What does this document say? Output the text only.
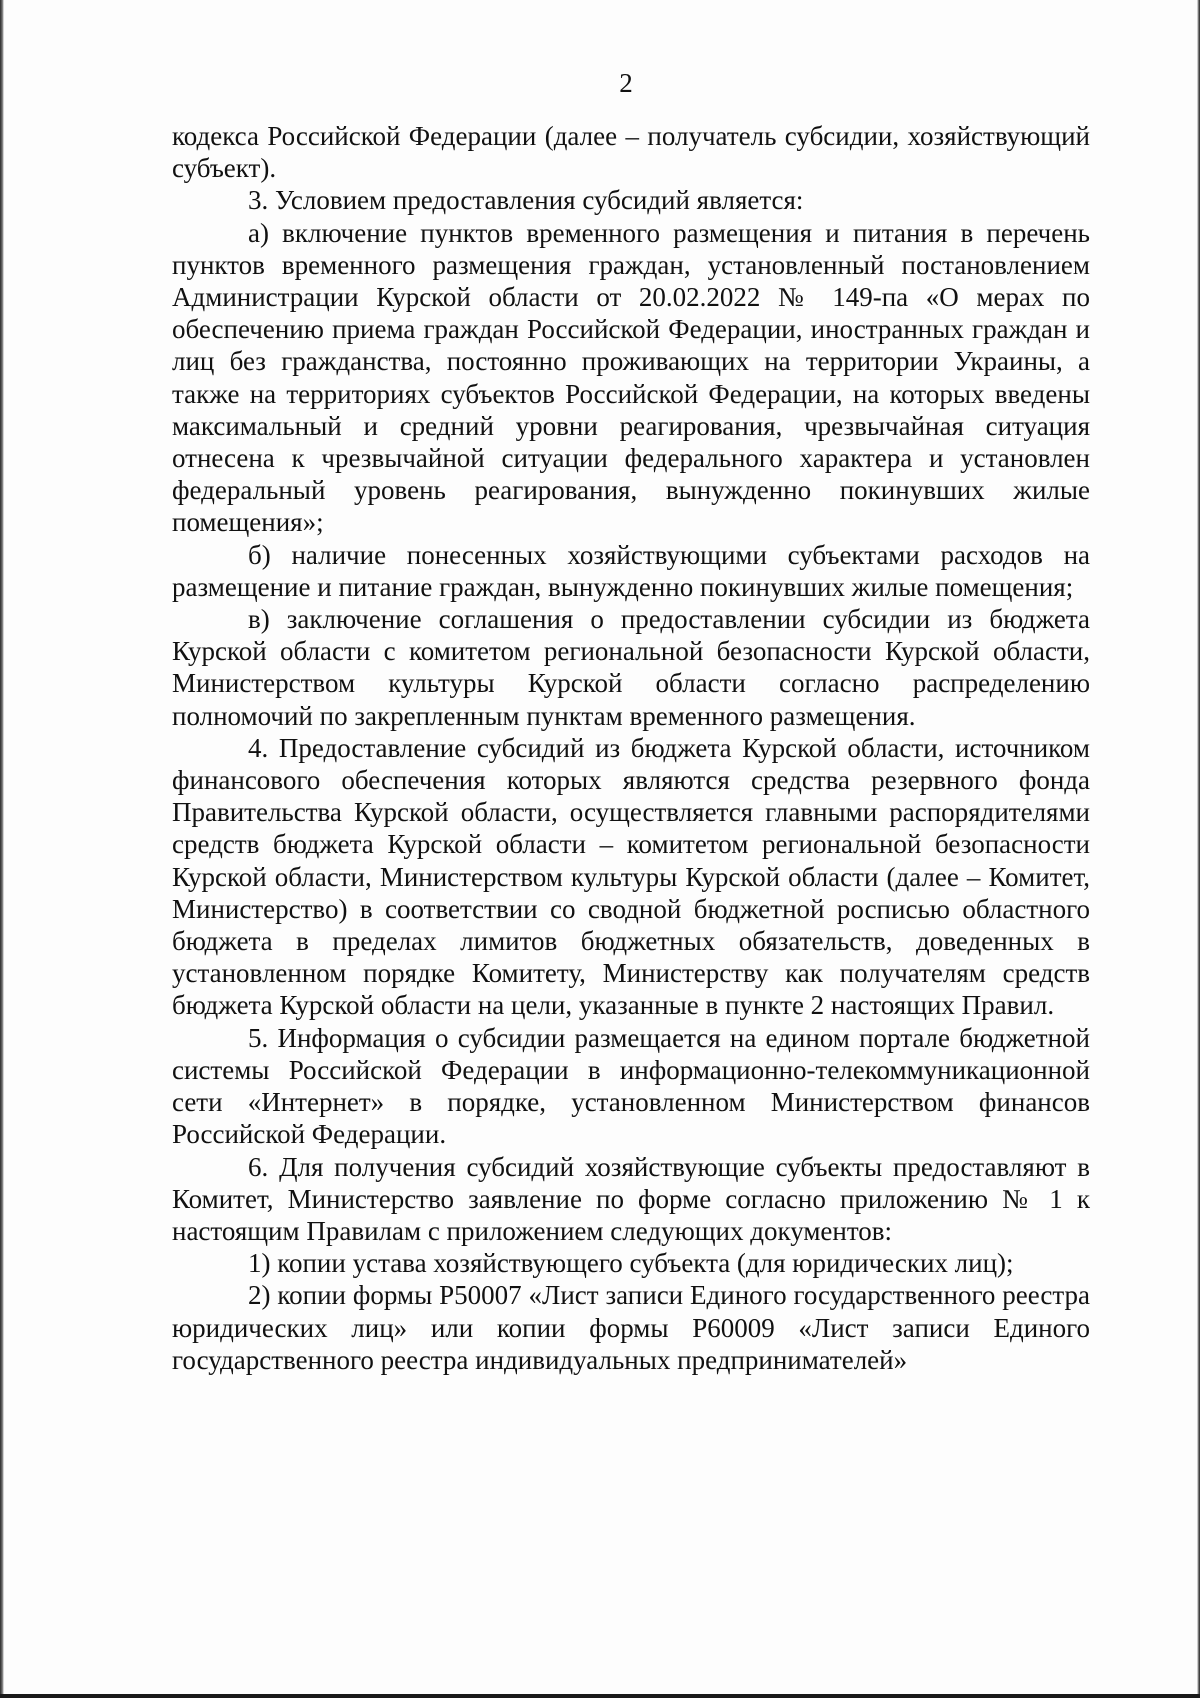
2

кодекса Российской Федерации (далее – получатель субсидии, хозяйствующий субъект).

3. Условием предоставления субсидий является:

а) включение пунктов временного размещения и питания в перечень пунктов временного размещения граждан, установленный постановлением Администрации Курской области от 20.02.2022 № 149-па «О мерах по обеспечению приема граждан Российской Федерации, иностранных граждан и лиц без гражданства, постоянно проживающих на территории Украины, а также на территориях субъектов Российской Федерации, на которых введены максимальный и средний уровни реагирования, чрезвычайная ситуация отнесена к чрезвычайной ситуации федерального характера и установлен федеральный уровень реагирования, вынужденно покинувших жилые помещения»;

б) наличие понесенных хозяйствующими субъектами расходов на размещение и питание граждан, вынужденно покинувших жилые помещения;

в) заключение соглашения о предоставлении субсидии из бюджета Курской области с комитетом региональной безопасности Курской области, Министерством культуры Курской области согласно распределению полномочий по закрепленным пунктам временного размещения.

4. Предоставление субсидий из бюджета Курской области, источником финансового обеспечения которых являются средства резервного фонда Правительства Курской области, осуществляется главными распорядителями средств бюджета Курской области – комитетом региональной безопасности Курской области, Министерством культуры Курской области (далее – Комитет, Министерство) в соответствии со сводной бюджетной росписью областного бюджета в пределах лимитов бюджетных обязательств, доведенных в установленном порядке Комитету, Министерству как получателям средств бюджета Курской области на цели, указанные в пункте 2 настоящих Правил.

5. Информация о субсидии размещается на едином портале бюджетной системы Российской Федерации в информационно-телекоммуникационной сети «Интернет» в порядке, установленном Министерством финансов Российской Федерации.

6. Для получения субсидий хозяйствующие субъекты предоставляют в Комитет, Министерство заявление по форме согласно приложению № 1 к настоящим Правилам с приложением следующих документов:

1) копии устава хозяйствующего субъекта (для юридических лиц);

2) копии формы Р50007 «Лист записи Единого государственного реестра юридических лиц» или копии формы Р60009 «Лист записи Единого государственного реестра индивидуальных предпринимателей»
